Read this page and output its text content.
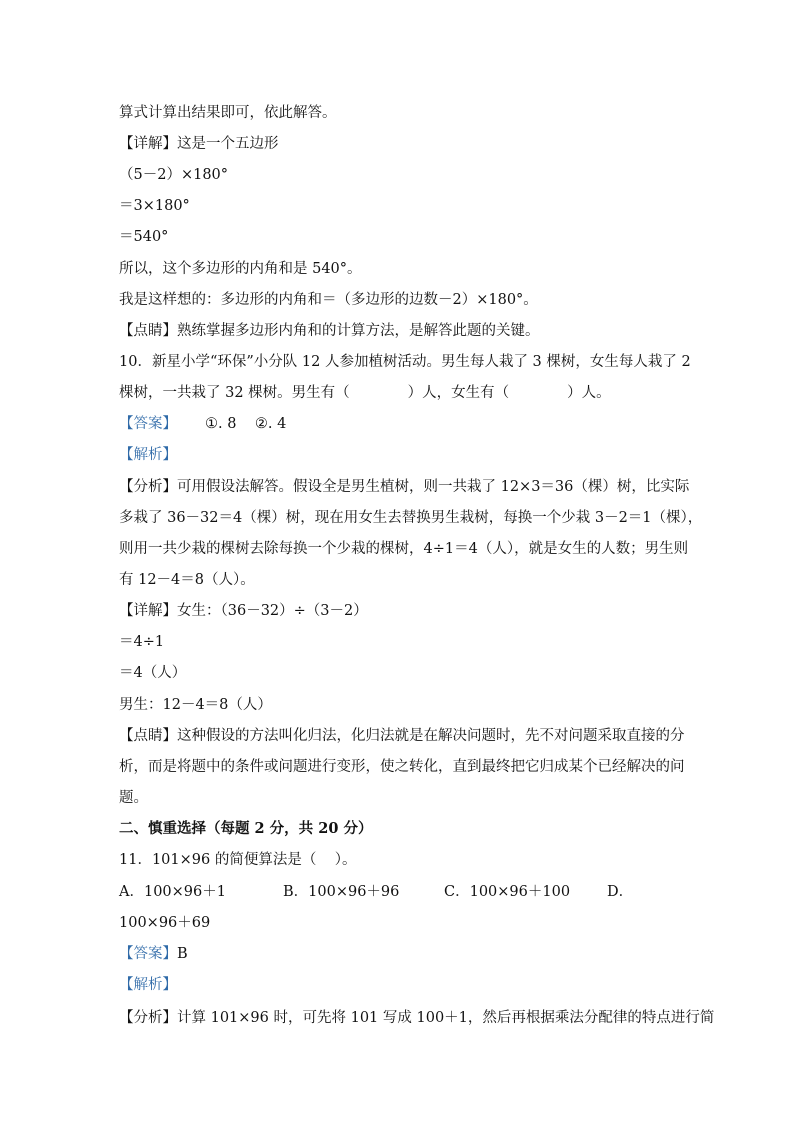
算式计算出结果即可，依此解答。
【详解】这是一个五边形
（5－2）×180°
＝3×180°
＝540°
所以，这个多边形的内角和是 540°。
我是这样想的：多边形的内角和＝（多边形的边数－2）×180°。
【点睛】熟练掌握多边形内角和的计算方法，是解答此题的关键。
10．新星小学“环保”小分队 12 人参加植树活动。男生每人栽了 3 棵树，女生每人栽了 2
棵树，一共栽了 32 棵树。男生有（	）人，女生有（	）人。
【答案】 ①. 8    ②. 4
【解析】
【分析】可用假设法解答。假设全是男生植树，则一共栽了 12×3＝36（棵）树，比实际
多栽了 36－32＝4（棵）树，现在用女生去替换男生栽树，每换一个少栽 3－2＝1（棵），
则用一共少栽的棵树去除每换一个少栽的棵树，4÷1＝4（人），就是女生的人数；男生则
有 12－4＝8（人）。
【详解】女生：（36－32）÷（3－2）
＝4÷1
＝4（人）
男生：12－4＝8（人）
【点睛】这种假设的方法叫化归法，化归法就是在解决问题时，先不对问题采取直接的分
析，而是将题中的条件或问题进行变形，使之转化，直到最终把它归成某个已经解决的问
题。
二、慎重选择（每题 2 分，共 20 分）
11．101×96 的简便算法是（    ）。
A．100×96＋1	B．100×96＋96	C．100×96＋100	D．
100×96＋69
【答案】B
【解析】
【分析】计算 101×96 时，可先将 101 写成 100＋1，然后再根据乘法分配律的特点进行简
